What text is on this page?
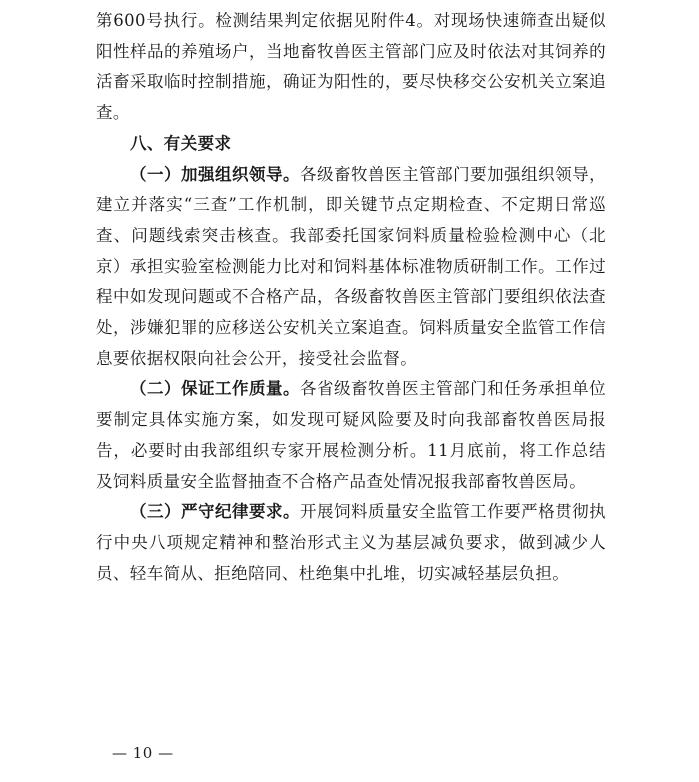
第600号执行。检测结果判定依据见附件4。对现场快速筛查出疑似阳性样品的养殖场户，当地畜牧兽医主管部门应及时依法对其饲养的活畜采取临时控制措施，确证为阳性的，要尽快移交公安机关立案追查。

八、有关要求

（一）加强组织领导。各级畜牧兽医主管部门要加强组织领导，建立并落实“三查”工作机制，即关键节点定期检查、不定期日常巡查、问题线索突击核查。我部委托国家饲料质量检验检测中心（北京）承担实验室检测能力比对和饲料基体标准物质研制工作。工作过程中如发现问题或不合格产品，各级畜牧兽医主管部门要组织依法查处，涉嫌犯罪的应移送公安机关立案追查。饲料质量安全监管工作信息要依据权限向社会公开，接受社会监督。

（二）保证工作质量。各省级畜牧兽医主管部门和任务承担单位要制定具体实施方案，如发现可疑风险要及时向我部畜牧兽医局报告，必要时由我部组织专家开展检测分析。11月底前，将工作总结及饲料质量安全监督抽查不合格产品查处情况报我部畜牧兽医局。

（三）严守纪律要求。开展饲料质量安全监管工作要严格贯彻执行中央八项规定精神和整治形式主义为基层减负要求，做到减少人员、轻车简从、拒绝陪同、杜绝集中扎堆，切实减轻基层负担。

— 10 —
